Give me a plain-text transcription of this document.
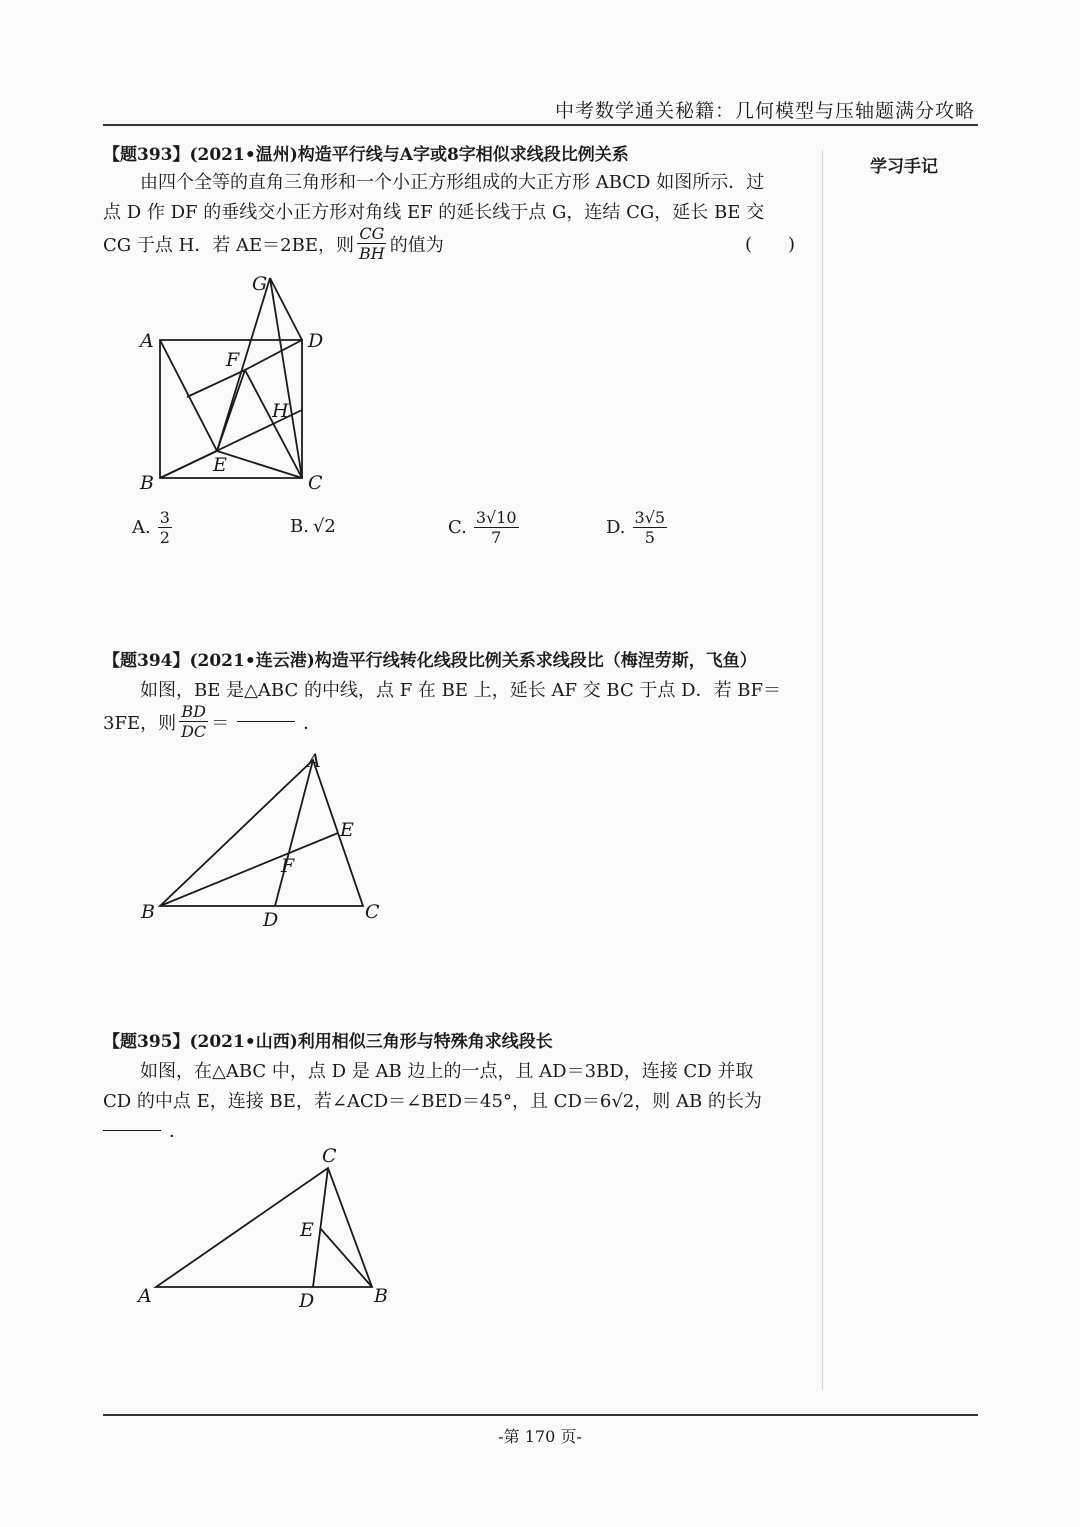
中考数学通关秘籍：几何模型与压轴题满分攻略
学习手记
【题393】(2021•温州)构造平行线与A字或8字相似求线段比例关系
由四个全等的直角三角形和一个小正方形组成的大正方形 ABCD 如图所示．过
点 D 作 DF 的垂线交小正方形对角线 EF 的延长线于点 G，连结 CG，延长 BE 交
CG 于点 H．若 AE＝2BE，则 $\frac{CG}{BH}$ 的值为	(　　)
A	D
B	C
G
F
H
E
A. $\frac{3}{2}$	B. √2	C. $\frac{3√10}{7}$	D. $\frac{3√5}{5}$
【题394】(2021•连云港)构造平行线转化线段比例关系求线段比（梅涅劳斯，飞鱼）
如图，BE 是△ABC 的中线，点 F 在 BE 上，延长 AF 交 BC 于点 D．若 BF＝
3FE，则 $\frac{BD}{DC}$ ＝	．
A
E
F
B	D	C
【题395】(2021•山西)利用相似三角形与特殊角求线段长
如图，在△ABC 中，点 D 是 AB 边上的一点，且 AD＝3BD，连接 CD 并取
CD 的中点 E，连接 BE，若∠ACD＝∠BED＝45°，且 CD＝6√2，则 AB 的长为
．
C
E
A	D	B
-第 170 页-
